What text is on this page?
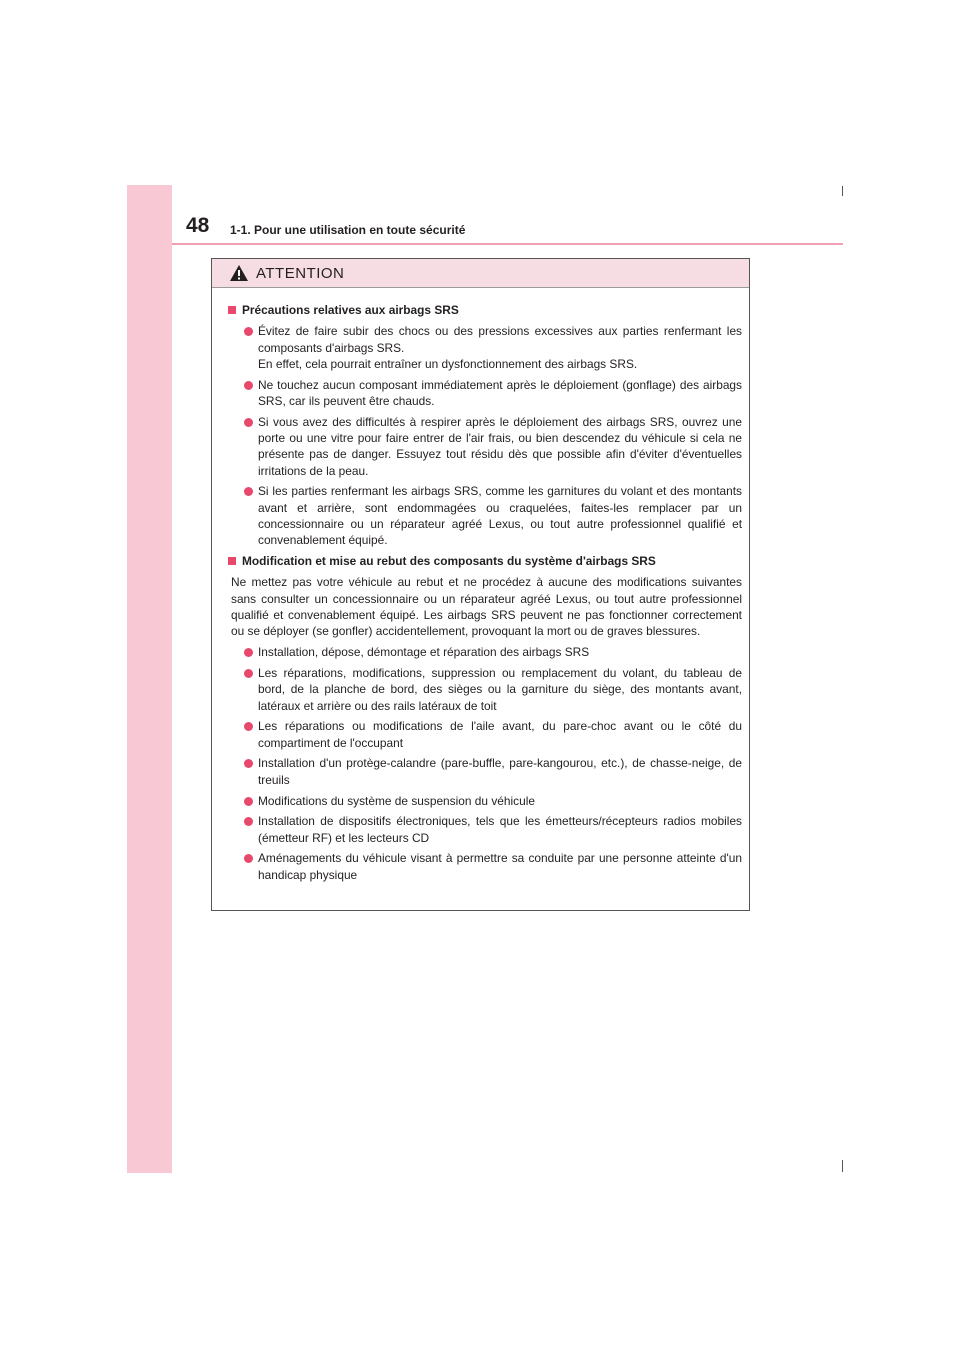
48 1-1. Pour une utilisation en toute sécurité
ATTENTION
Précautions relatives aux airbags SRS
Évitez de faire subir des chocs ou des pressions excessives aux parties renfermant les composants d'airbags SRS.
En effet, cela pourrait entraîner un dysfonctionnement des airbags SRS.
Ne touchez aucun composant immédiatement après le déploiement (gonflage) des airbags SRS, car ils peuvent être chauds.
Si vous avez des difficultés à respirer après le déploiement des airbags SRS, ouvrez une porte ou une vitre pour faire entrer de l'air frais, ou bien descendez du véhicule si cela ne présente pas de danger. Essuyez tout résidu dès que possible afin d'éviter d'éventuelles irritations de la peau.
Si les parties renfermant les airbags SRS, comme les garnitures du volant et des montants avant et arrière, sont endommagées ou craquelées, faites-les remplacer par un concessionnaire ou un réparateur agréé Lexus, ou tout autre professionnel qualifié et convenablement équipé.
Modification et mise au rebut des composants du système d'airbags SRS
Ne mettez pas votre véhicule au rebut et ne procédez à aucune des modifications suivantes sans consulter un concessionnaire ou un réparateur agréé Lexus, ou tout autre professionnel qualifié et convenablement équipé. Les airbags SRS peuvent ne pas fonctionner correctement ou se déployer (se gonfler) accidentellement, provoquant la mort ou de graves blessures.
Installation, dépose, démontage et réparation des airbags SRS
Les réparations, modifications, suppression ou remplacement du volant, du tableau de bord, de la planche de bord, des sièges ou la garniture du siège, des montants avant, latéraux et arrière ou des rails latéraux de toit
Les réparations ou modifications de l'aile avant, du pare-choc avant ou le côté du compartiment de l'occupant
Installation d'un protège-calandre (pare-buffle, pare-kangourou, etc.), de chasse-neige, de treuils
Modifications du système de suspension du véhicule
Installation de dispositifs électroniques, tels que les émetteurs/récepteurs radios mobiles (émetteur RF) et les lecteurs CD
Aménagements du véhicule visant à permettre sa conduite par une personne atteinte d'un handicap physique
